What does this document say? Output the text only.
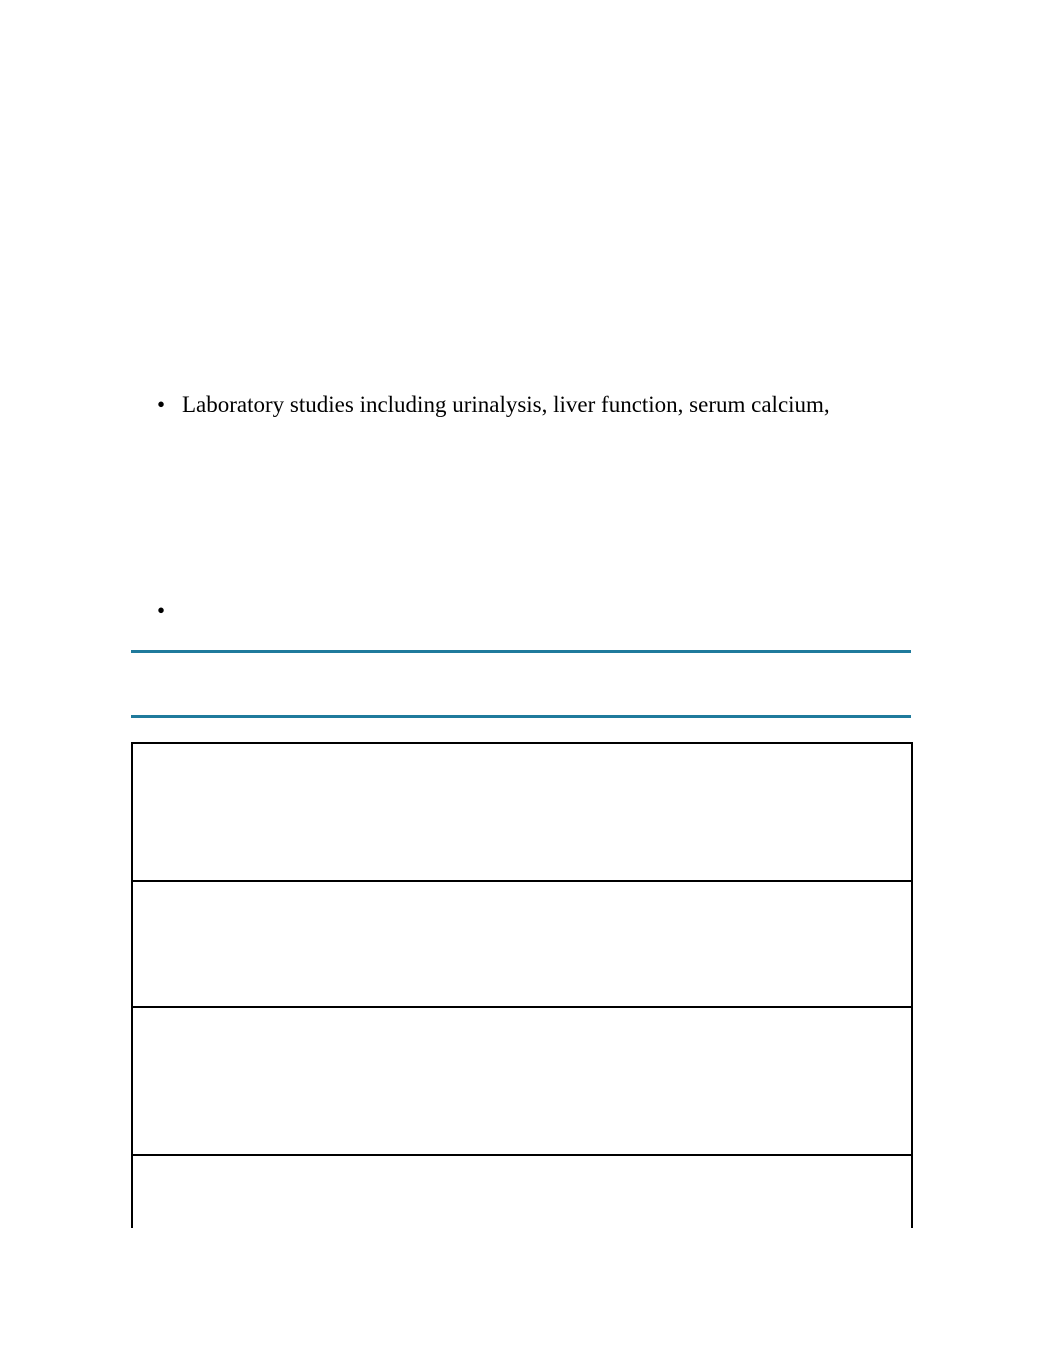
• Laboratory studies including urinalysis, liver function, serum calcium,
•
